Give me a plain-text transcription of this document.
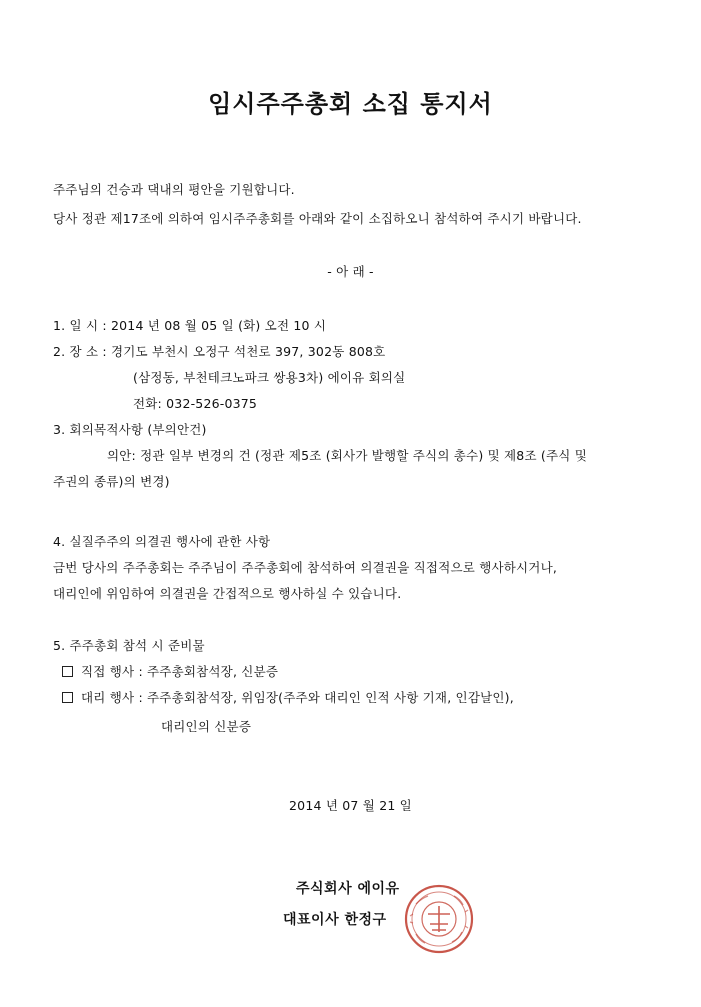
임시주주총회 소집 통지서

주주님의 건승과 댁내의 평안을 기원합니다.

당사 정관 제17조에 의하여 임시주주총회를 아래와 같이 소집하오니 참석하여 주시기 바랍니다.

- 아 래 -

1. 일 시 : 2014 년 08 월 05 일 (화) 오전 10 시

2. 장 소 : 경기도 부천시 오정구 석천로 397, 302동 808호

(삼정동, 부천테크노파크 쌍용3차) 에이유 회의실

전화: 032-526-0375

3. 회의목적사항 (부의안건)

의안: 정관 일부 변경의 건 (정관 제5조 (회사가 발행할 주식의 총수) 및 제8조 (주식 및

주권의 종류)의 변경)

4. 실질주주의 의결권 행사에 관한 사항

금번 당사의 주주총회는 주주님이 주주총회에 참석하여 의결권을 직접적으로 행사하시거나,

대리인에 위임하여 의결권을 간접적으로 행사하실 수 있습니다.

5. 주주총회 참석 시 준비물

직접 행사 : 주주총회참석장, 신분증

대리 행사 : 주주총회참석장, 위임장(주주와 대리인 인적 사항 기재, 인감날인),

대리인의 신분증

2014 년 07 월 21 일

주식회사 에이유
대표이사 한정구
